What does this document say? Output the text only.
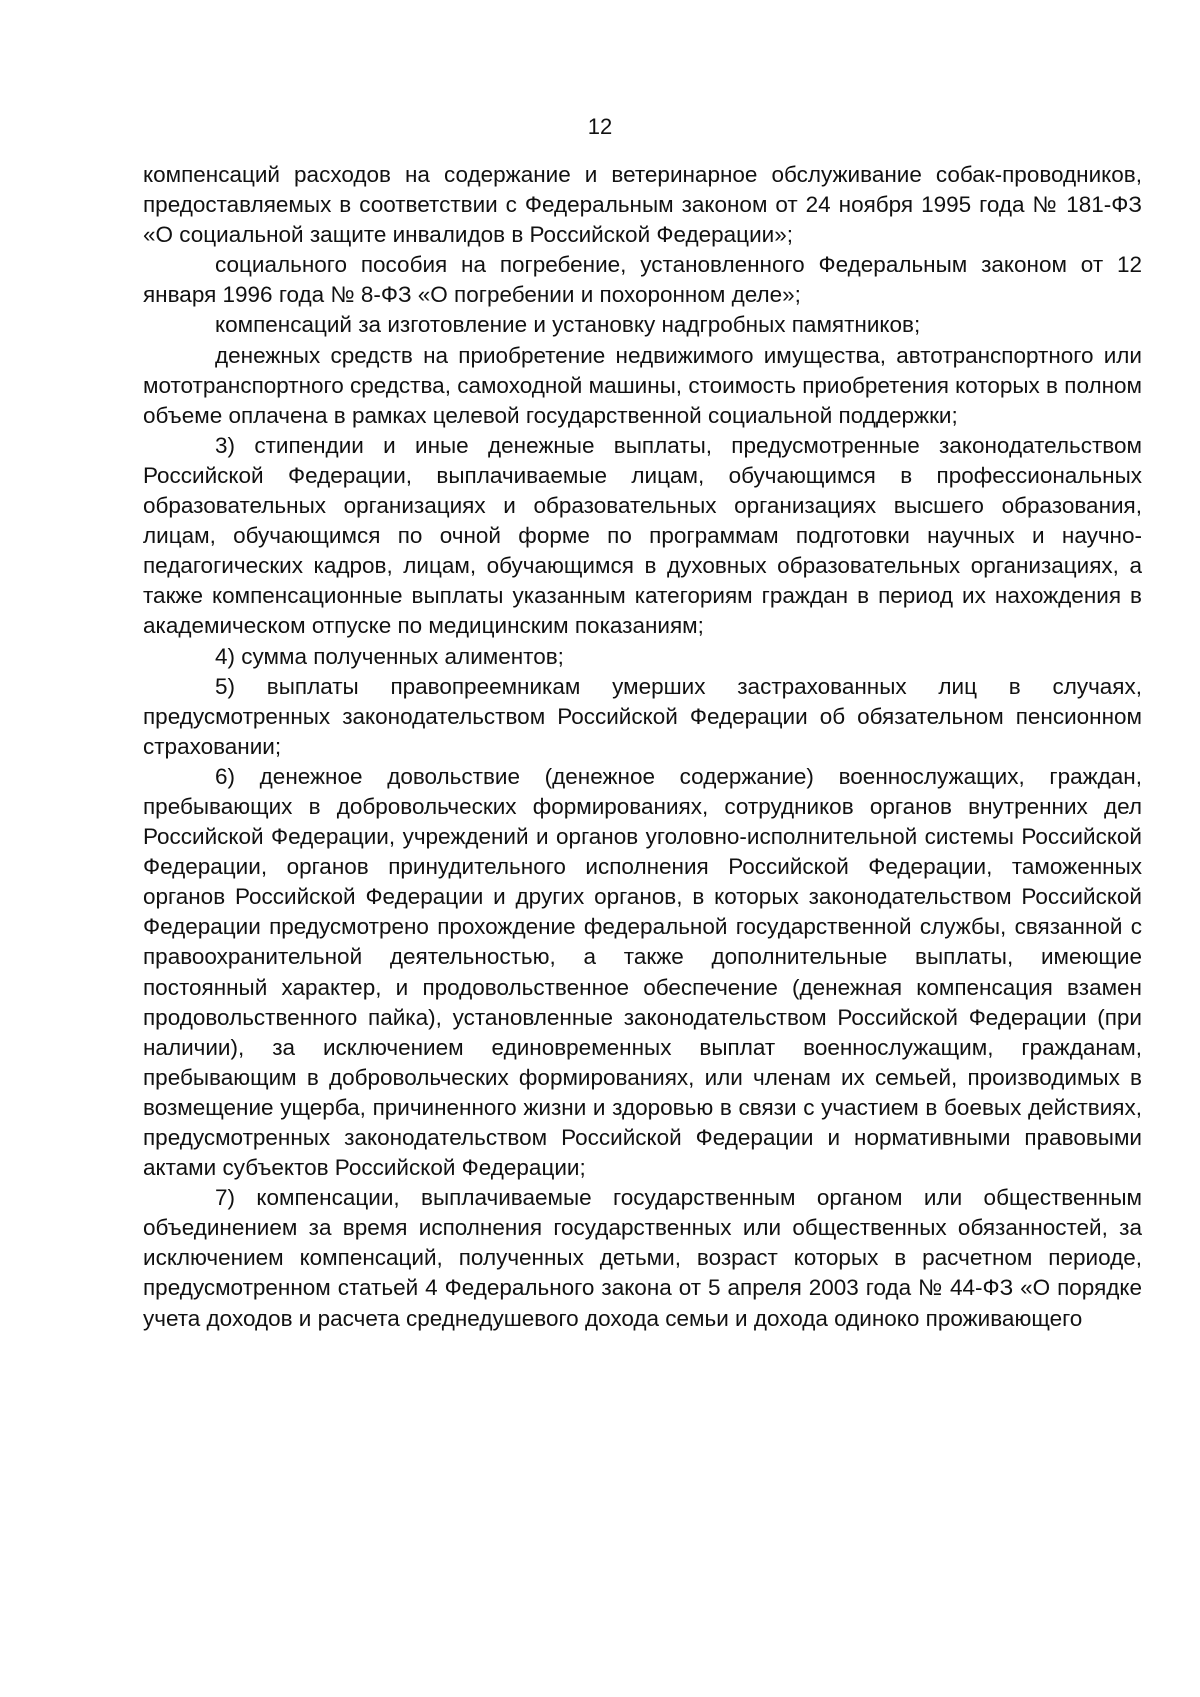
12

компенсаций расходов на содержание и ветеринарное обслуживание собак-проводников, предоставляемых в соответствии с Федеральным законом от 24 ноября 1995 года № 181-ФЗ «О социальной защите инвалидов в Российской Федерации»;

социального пособия на погребение, установленного Федеральным законом от 12 января 1996 года № 8-ФЗ «О погребении и похоронном деле»;

компенсаций за изготовление и установку надгробных памятников;

денежных средств на приобретение недвижимого имущества, автотранспортного или мототранспортного средства, самоходной машины, стоимость приобретения которых в полном объеме оплачена в рамках целевой государственной социальной поддержки;

3) стипендии и иные денежные выплаты, предусмотренные законодательством Российской Федерации, выплачиваемые лицам, обучающимся в профессиональных образовательных организациях и образовательных организациях высшего образования, лицам, обучающимся по очной форме по программам подготовки научных и научно-педагогических кадров, лицам, обучающимся в духовных образовательных организациях, а также компенсационные выплаты указанным категориям граждан в период их нахождения в академическом отпуске по медицинским показаниям;

4) сумма полученных алиментов;

5) выплаты правопреемникам умерших застрахованных лиц в случаях, предусмотренных законодательством Российской Федерации об обязательном пенсионном страховании;

6) денежное довольствие (денежное содержание) военнослужащих, граждан, пребывающих в добровольческих формированиях, сотрудников органов внутренних дел Российской Федерации, учреждений и органов уголовно-исполнительной системы Российской Федерации, органов принудительного исполнения Российской Федерации, таможенных органов Российской Федерации и других органов, в которых законодательством Российской Федерации предусмотрено прохождение федеральной государственной службы, связанной с правоохранительной деятельностью, а также дополнительные выплаты, имеющие постоянный характер, и продовольственное обеспечение (денежная компенсация взамен продовольственного пайка), установленные законодательством Российской Федерации (при наличии), за исключением единовременных выплат военнослужащим, гражданам, пребывающим в добровольческих формированиях, или членам их семьей, производимых в возмещение ущерба, причиненного жизни и здоровью в связи с участием в боевых действиях, предусмотренных законодательством Российской Федерации и нормативными правовыми актами субъектов Российской Федерации;

7) компенсации, выплачиваемые государственным органом или общественным объединением за время исполнения государственных или общественных обязанностей, за исключением компенсаций, полученных детьми, возраст которых в расчетном периоде, предусмотренном статьей 4 Федерального закона от 5 апреля 2003 года № 44-ФЗ «О порядке учета доходов и расчета среднедушевого дохода семьи и дохода одиноко проживающего
